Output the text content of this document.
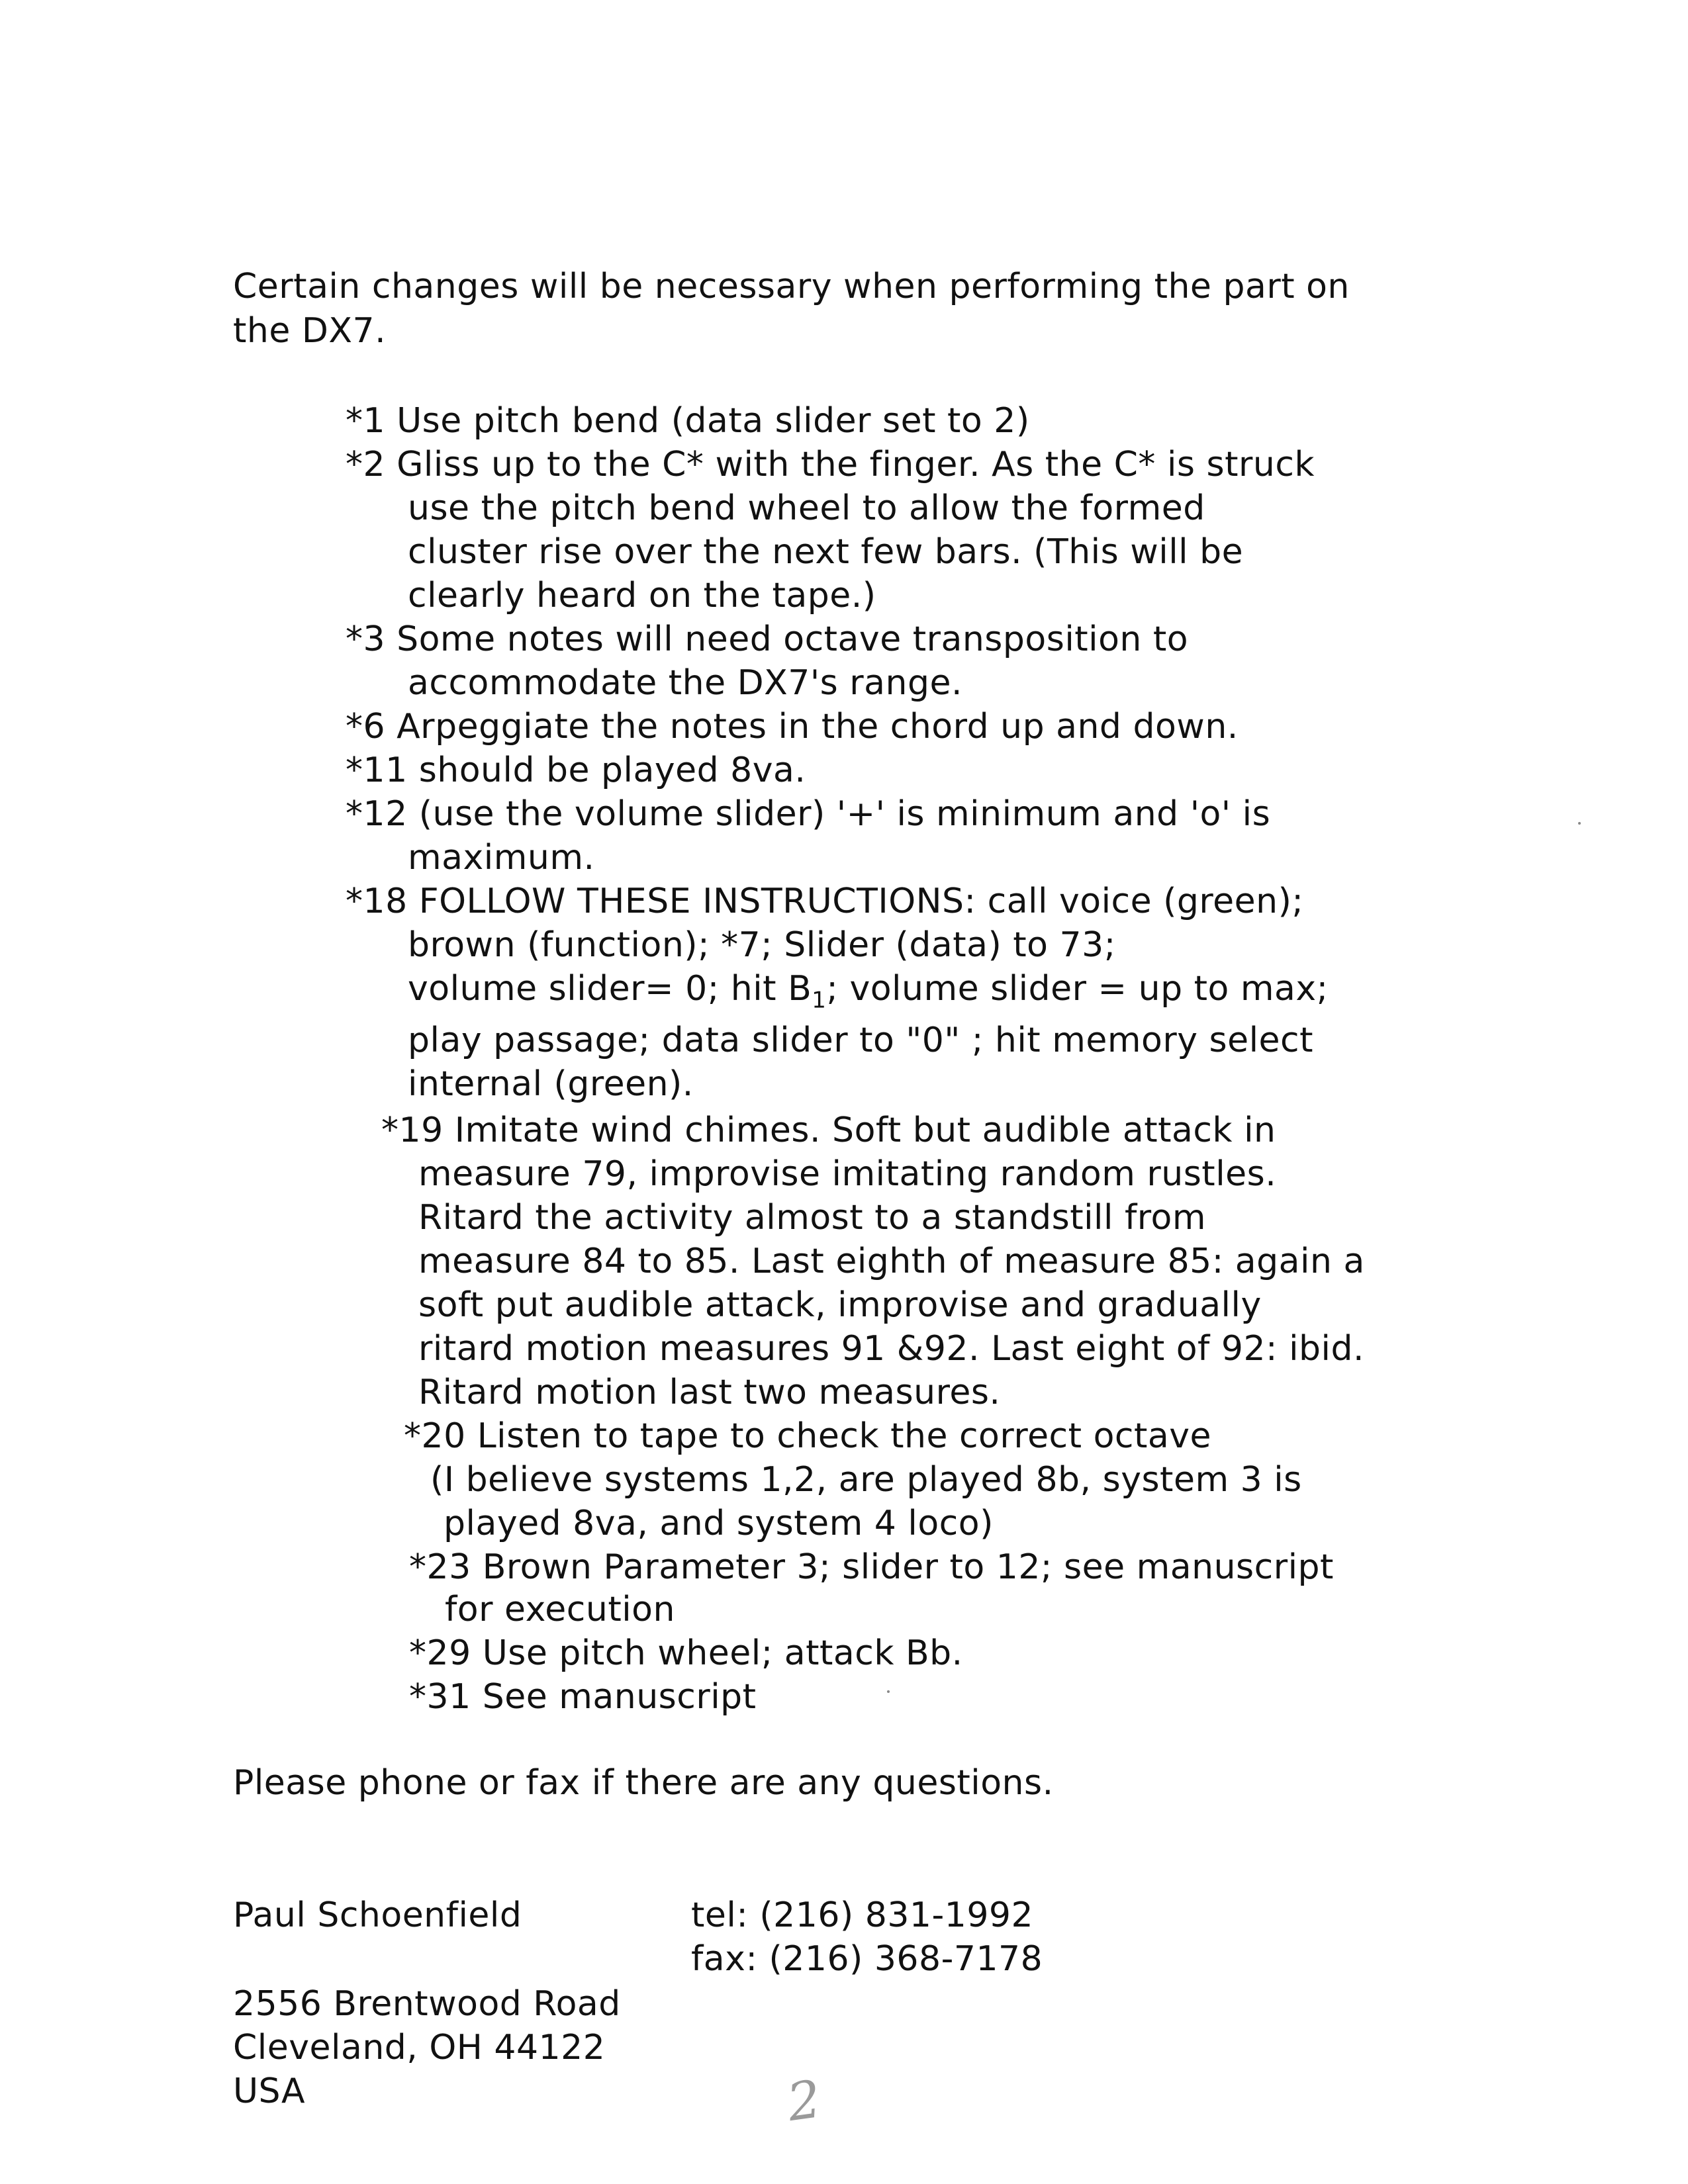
Certain changes will be necessary when performing the part on
the DX7.
*1 Use pitch bend (data slider set to 2)
*2 Gliss up to the C* with the finger. As the C* is struck
use the pitch bend wheel to allow the formed
cluster rise over the next few bars. (This will be
clearly heard on the tape.)
*3 Some notes will need octave transposition to
accommodate the DX7's range.
*6 Arpeggiate the notes in the chord up and down.
*11 should be played 8va.
*12 (use the volume slider) '+' is minimum and 'o' is
maximum.
*18 FOLLOW THESE INSTRUCTIONS: call voice (green);
brown (function); *7; Slider (data) to 73;
volume slider= 0; hit $B_1$; volume slider = up to max;
play passage; data slider to "0" ; hit memory select
internal (green).
*19 Imitate wind chimes. Soft but audible attack in
measure 79, improvise imitating random rustles.
Ritard the activity almost to a standstill from
measure 84 to 85. Last eighth of measure 85: again a
soft put audible attack, improvise and gradually
ritard motion measures 91 &92. Last eight of 92: ibid.
Ritard motion last two measures.
*20 Listen to tape to check the correct octave
(I believe systems 1,2, are played 8b, system 3 is
played 8va, and system 4 loco)
*23 Brown Parameter 3; slider to 12; see manuscript
for execution
*29 Use pitch wheel; attack Bb.
*31 See manuscript
Please phone or fax if there are any questions.
Paul Schoenfield	tel: (216) 831-1992
fax: (216) 368-7178
2556 Brentwood Road
Cleveland, OH 44122
USA	2
